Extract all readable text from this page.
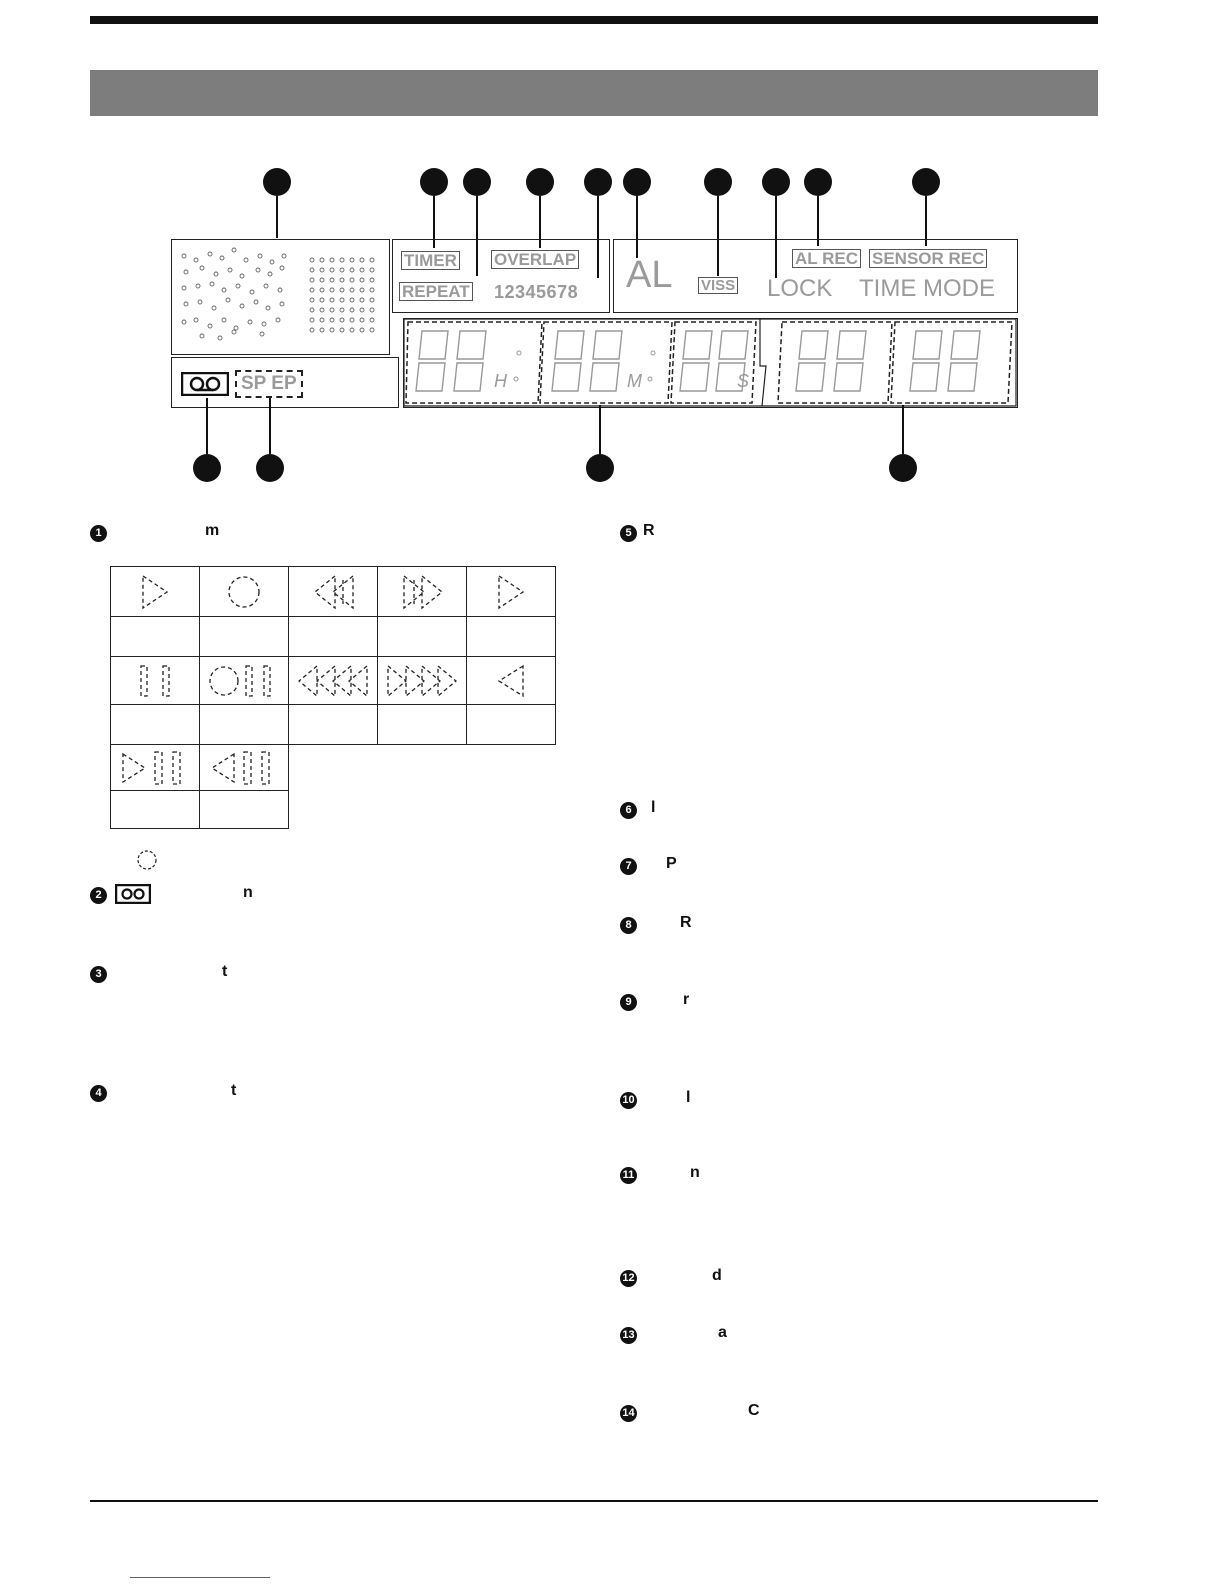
SP EP
TIMER OVERLAP
REPEAT 12345678 AL VISS LOCK
AL REC SENSOR REC
TIME MODE
H	M	S
1	m

2	n
3	t
4	t
5 R
6	l
7	P
8	R
9	r
10	l
11	n
12	d
13	a
14	C
